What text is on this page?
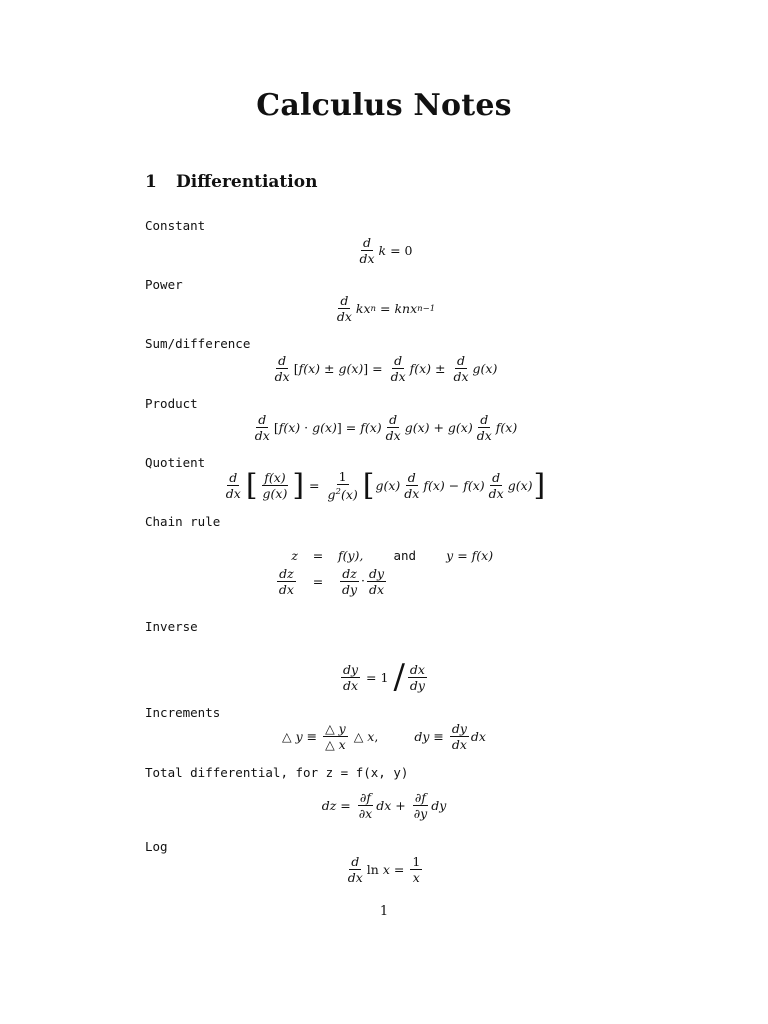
Calculus Notes
1 Differentiation
Constant
$\frac{d}{dx}$ k = 0
Power
$\frac{d}{dx}$ kx n = knx n−1
Sum/difference
$\frac{d}{dx}$ [ f(x) ± g(x) ] = $\frac{d}{dx} f(x) \pm \frac{d}{dx} g(x)$
Product
$\frac{d}{dx}$ [ f(x) · g(x) ] = $f(x) \frac{d}{dx} g(x) + g(x) \frac{d}{dx} f(x)$
Quotient
$\frac{d}{dx}$ [ $\frac{f(x)}{g(x)}$ ] = $\frac{1}{g^2(x)}$ [ $g(x) \frac{d}{dx} f(x) - f(x) \frac{d}{dx} g(x)$ ]
Chain rule
z	=	f(y), and y = f(x)
$\frac{dz}{dx}$	=	$\frac{dz}{dy} \cdot \frac{dy}{dx}$
Inverse
$\frac{dy}{dx} = 1 / \frac{dx}{dy}$
Increments
△ $y \equiv \frac{\triangle y}{\triangle x}$ △ x ,	dy ≡ $\frac{dy}{dx}$ dx
Total differential, for z = f(x, y)
dz = $\frac{\partial f}{\partial x}$ dx + $\frac{\partial f}{\partial y}$ dy
Log
$\frac{d}{dx}$ $\ln x = \frac{1}{x}$
1
